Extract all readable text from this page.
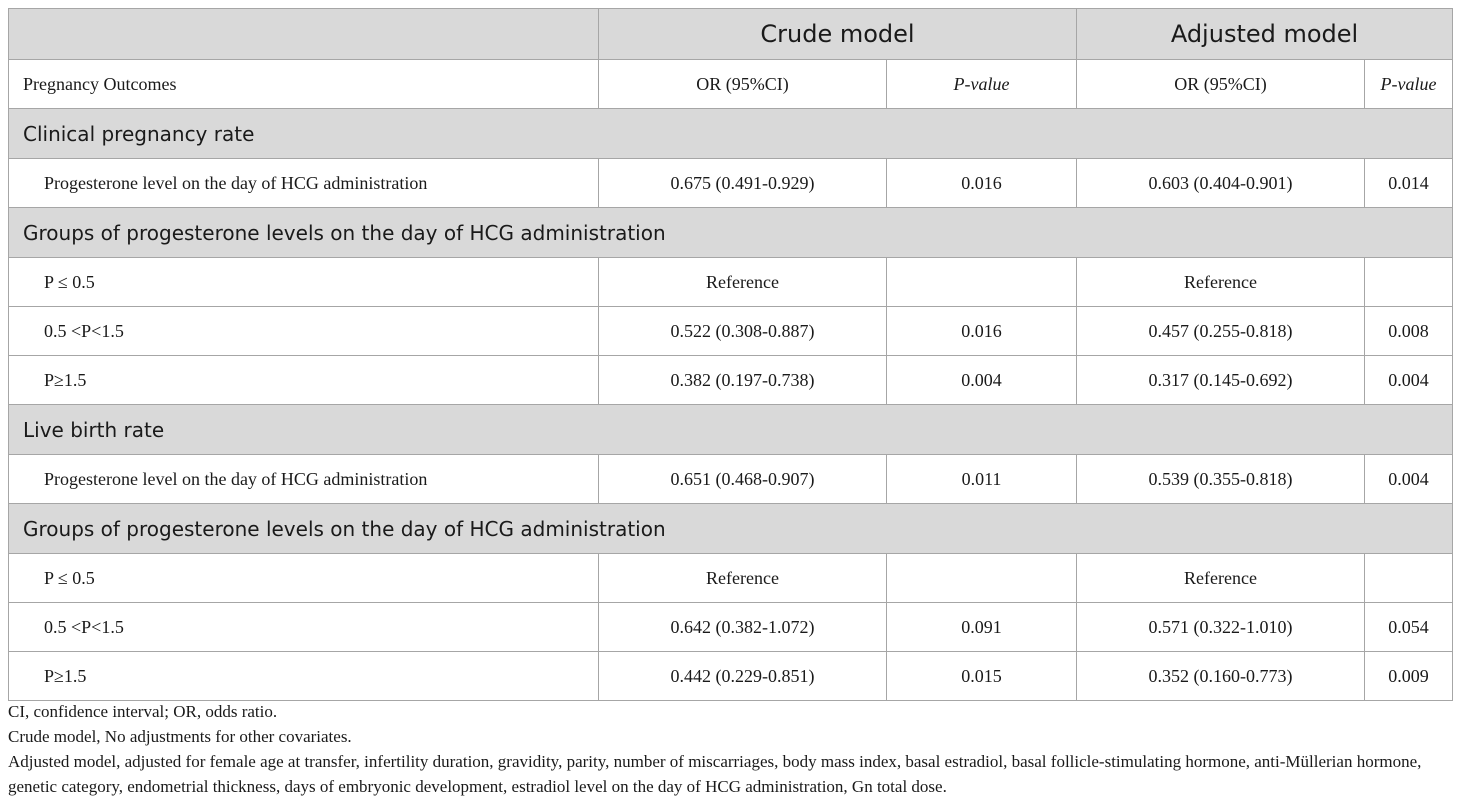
	Crude model		Adjusted model	
Pregnancy Outcomes	OR (95%CI)	P-value	OR (95%CI)	P-value
Clinical pregnancy rate				
Progesterone level on the day of HCG administration	0.675 (0.491-0.929)	0.016	0.603 (0.404-0.901)	0.014
Groups of progesterone levels on the day of HCG administration				
P ≤ 0.5	Reference		Reference	
0.5 <P<1.5	0.522 (0.308-0.887)	0.016	0.457 (0.255-0.818)	0.008
P≥1.5	0.382 (0.197-0.738)	0.004	0.317 (0.145-0.692)	0.004
Live birth rate				
Progesterone level on the day of HCG administration	0.651 (0.468-0.907)	0.011	0.539 (0.355-0.818)	0.004
Groups of progesterone levels on the day of HCG administration				
P ≤ 0.5	Reference		Reference	
0.5 <P<1.5	0.642 (0.382-1.072)	0.091	0.571 (0.322-1.010)	0.054
P≥1.5	0.442 (0.229-0.851)	0.015	0.352 (0.160-0.773)	0.009

CI, confidence interval; OR, odds ratio.

Crude model, No adjustments for other covariates.

Adjusted model, adjusted for female age at transfer, infertility duration, gravidity, parity, number of miscarriages, body mass index, basal estradiol, basal follicle-stimulating hormone, anti-Müllerian hormone, genetic category, endometrial thickness, days of embryonic development, estradiol level on the day of HCG administration, Gn total dose.
